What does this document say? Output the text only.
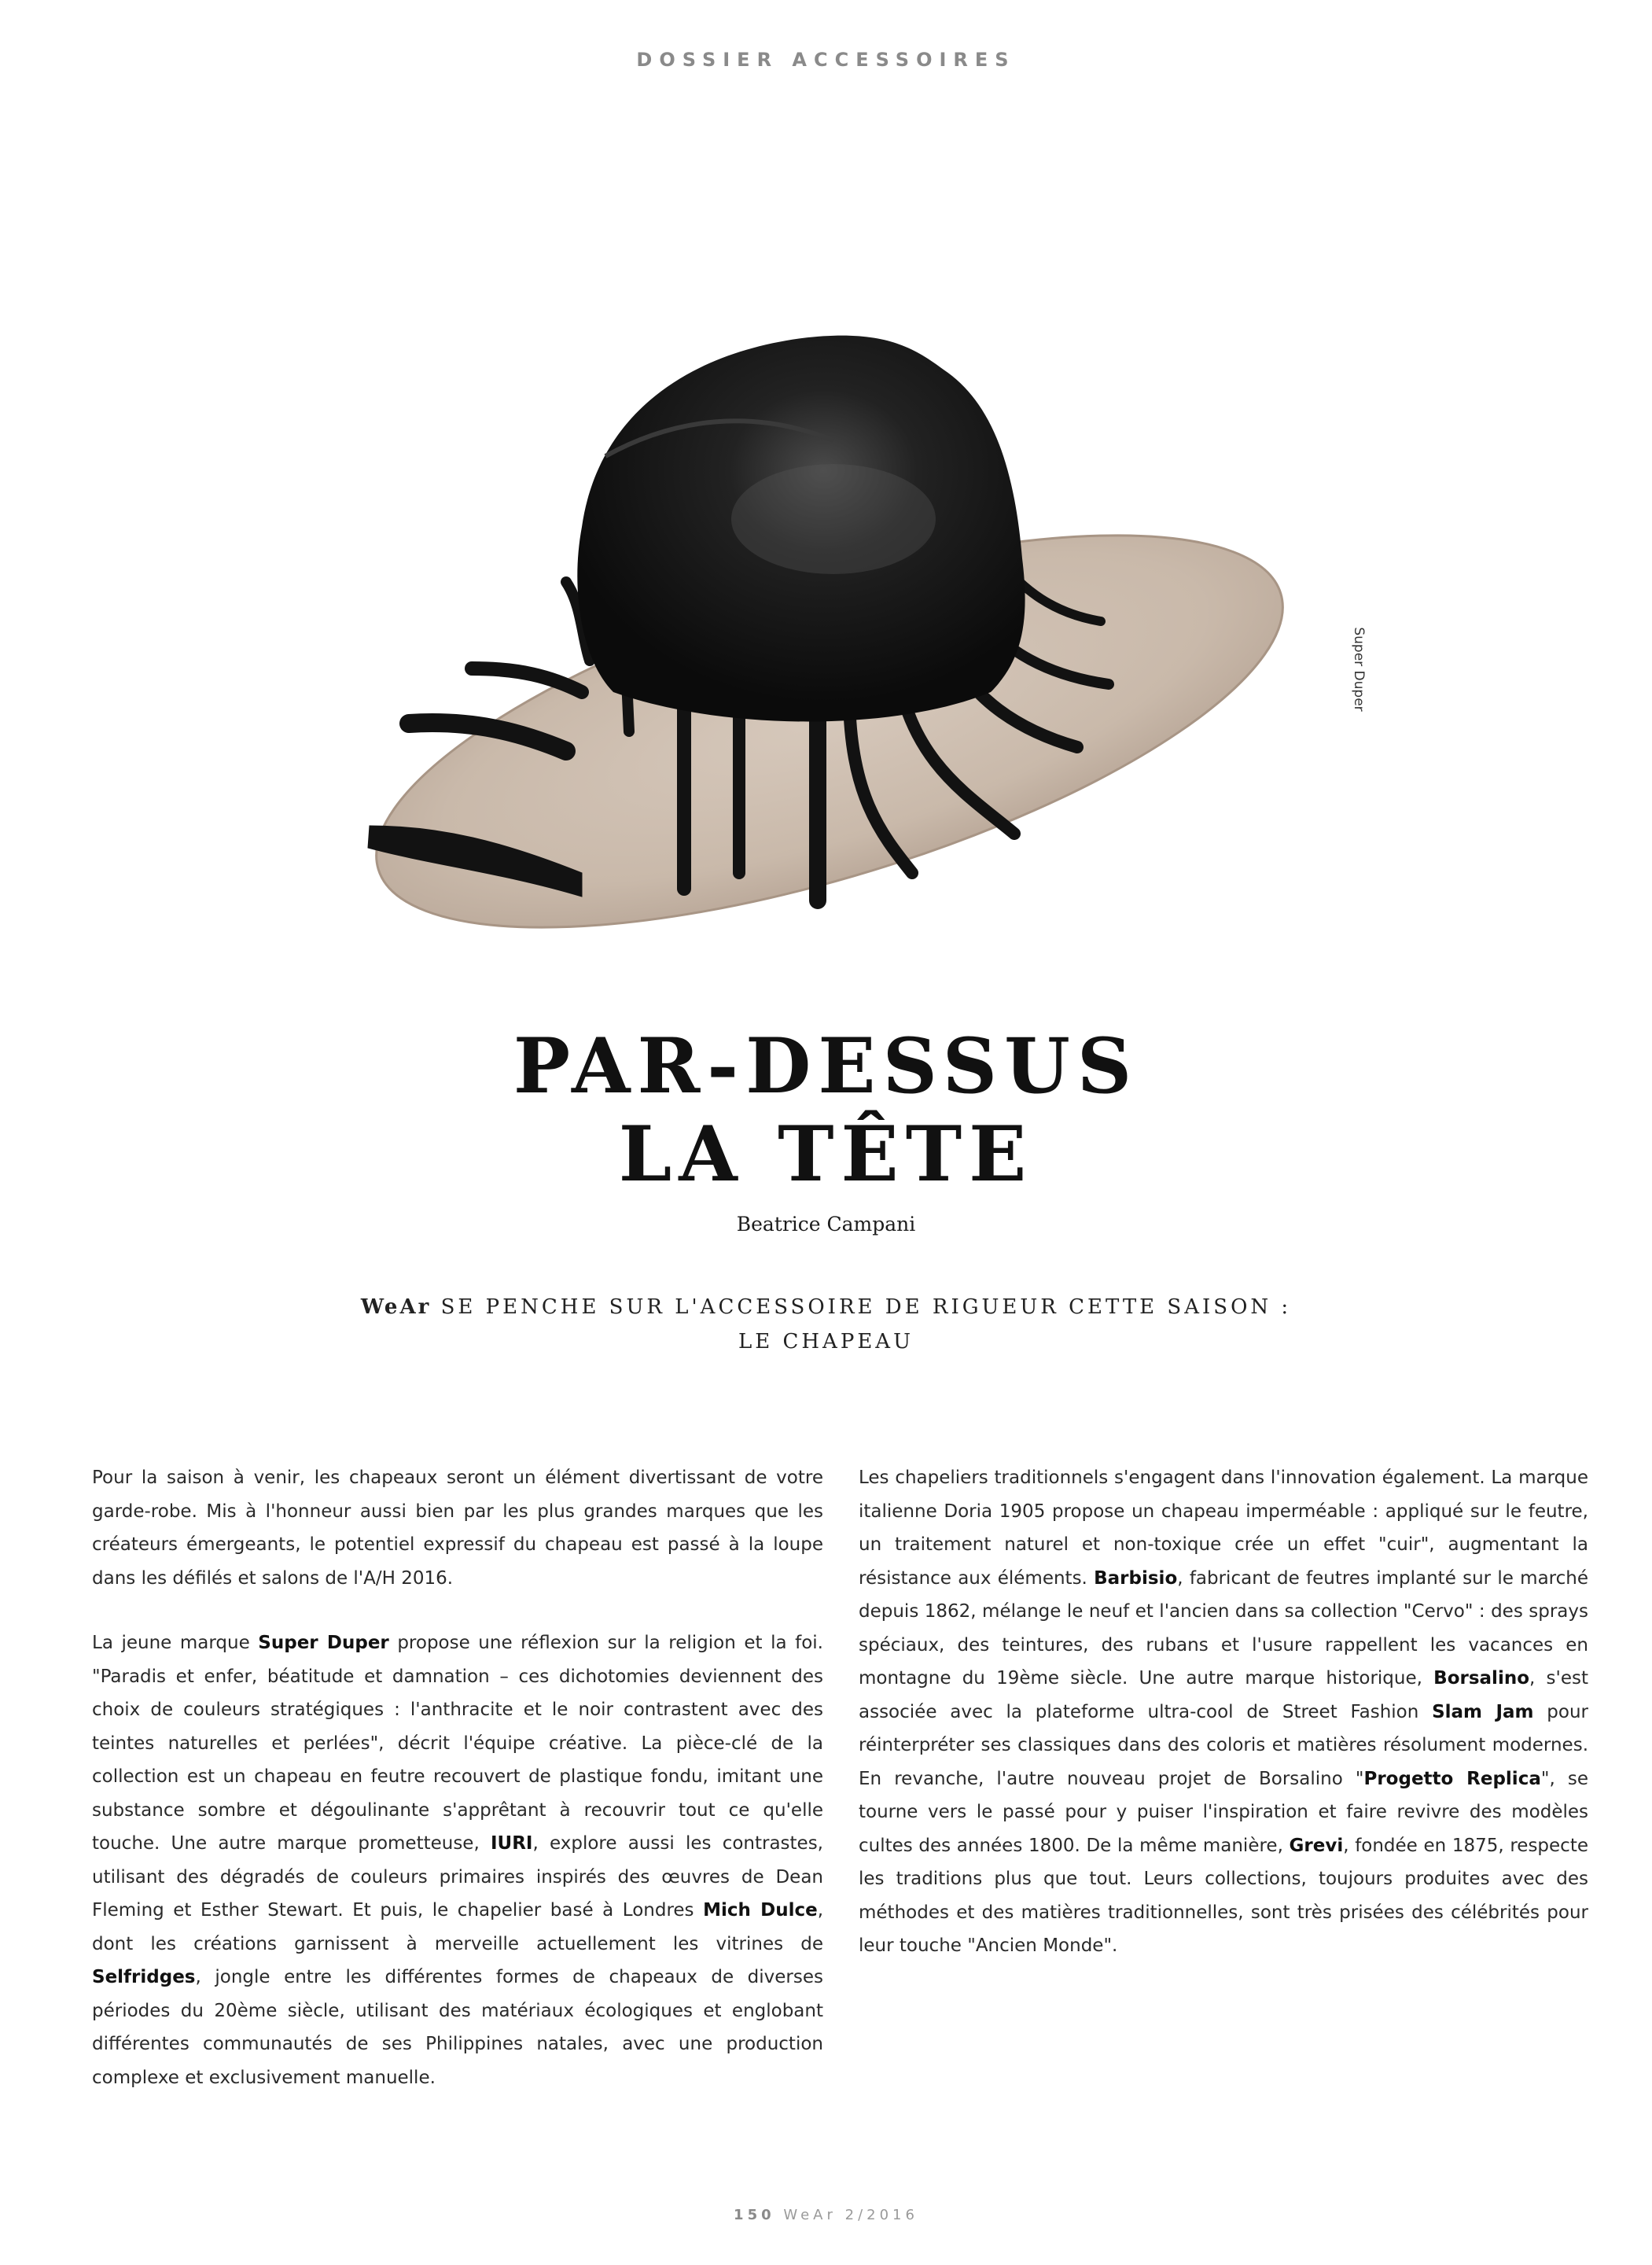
DOSSIER ACCESSOIRES
Super Duper
PAR-DESSUS
LA TÊTE
Beatrice Campani
WeAr SE PENCHE SUR L'ACCESSOIRE DE RIGUEUR CETTE SAISON :
LE CHAPEAU

Pour la saison à venir, les chapeaux seront un élément divertissant de votre garde-robe. Mis à l'honneur aussi bien par les plus grandes marques que les créateurs émergeants, le potentiel expressif du chapeau est passé à la loupe dans les défilés et salons de l'A/H 2016.

La jeune marque Super Duper propose une réflexion sur la religion et la foi. "Paradis et enfer, béatitude et damnation – ces dichotomies deviennent des choix de couleurs stratégiques : l'anthracite et le noir contrastent avec des teintes naturelles et perlées", décrit l'équipe créative. La pièce-clé de la collection est un chapeau en feutre recouvert de plastique fondu, imitant une substance sombre et dégoulinante s'apprêtant à recouvrir tout ce qu'elle touche. Une autre marque prometteuse, IURI, explore aussi les contrastes, utilisant des dégradés de couleurs primaires inspirés des œuvres de Dean Fleming et Esther Stewart. Et puis, le chapelier basé à Londres Mich Dulce, dont les créations garnissent à merveille actuellement les vitrines de Selfridges, jongle entre les différentes formes de chapeaux de diverses périodes du 20ème siècle, utilisant des matériaux écologiques et englobant différentes communautés de ses Philippines natales, avec une production complexe et exclusivement manuelle.

Les chapeliers traditionnels s'engagent dans l'innovation également. La marque italienne Doria 1905 propose un chapeau imperméable : appliqué sur le feutre, un traitement naturel et non-toxique crée un effet "cuir", augmentant la résistance aux éléments. Barbisio, fabricant de feutres implanté sur le marché depuis 1862, mélange le neuf et l'ancien dans sa collection "Cervo" : des sprays spéciaux, des teintures, des rubans et l'usure rappellent les vacances en montagne du 19ème siècle. Une autre marque historique, Borsalino, s'est associée avec la plateforme ultra-cool de Street Fashion Slam Jam pour réinterpréter ses classiques dans des coloris et matières résolument modernes. En revanche, l'autre nouveau projet de Borsalino "Progetto Replica", se tourne vers le passé pour y puiser l'inspiration et faire revivre des modèles cultes des années 1800. De la même manière, Grevi, fondée en 1875, respecte les traditions plus que tout. Leurs collections, toujours produites avec des méthodes et des matières traditionnelles, sont très prisées des célébrités pour leur touche "Ancien Monde".

150 WeAr 2/2016
